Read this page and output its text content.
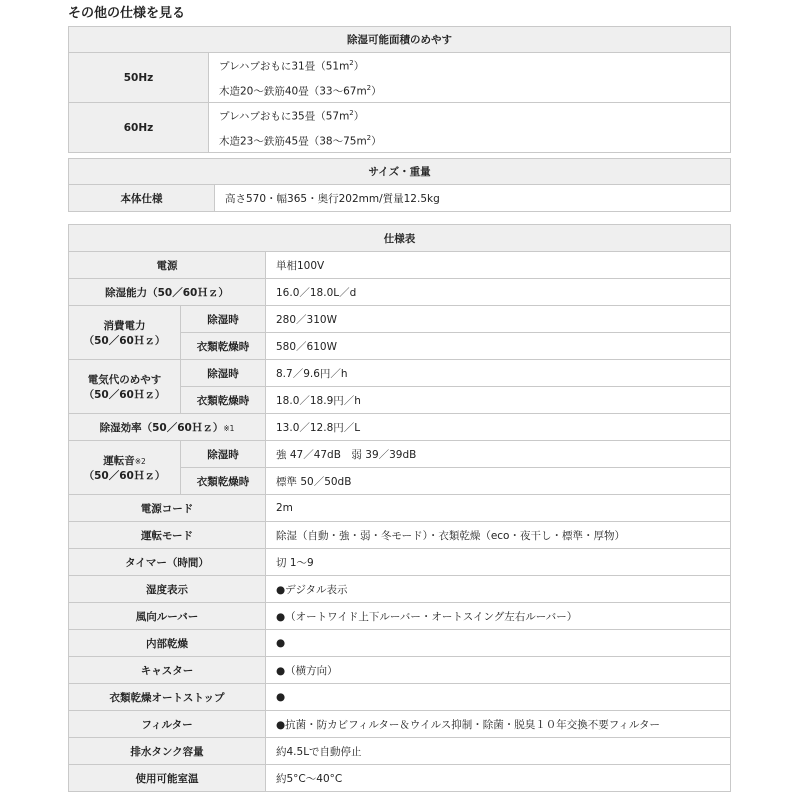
その他の仕様を見る
除湿可能面積のめやす	
50Hz	プレハブおもに31畳$(51m^2)$
木造20～鉄筋40畳$(33\sim 67m^2)$

60Hz	プレハブおもに35畳$(57m^2)$
木造23～鉄筋45畳$(38\sim 75m^2)$
サイズ・重量
本体仕様	高さ570・幅365・奥行202mm/質量12.5kg
仕様表		
電源		単相100V
除湿能力（50／60Ｈｚ）		16.0／18.0L／d
消費電力
（50／60Ｈｚ）	除湿時	280／310W
	衣類乾燥時	580／610W
電気代のめやす
（50／60Ｈｚ）	除湿時	8.7／9.6円／h
	衣類乾燥時	18.0／18.9円／h
除湿効率（50／60Ｈｚ）※1		13.0／12.8円／L
運転音※2
（50／60Ｈｚ）	除湿時	強 47／47dB　弱 39／39dB
	衣類乾燥時	標準 50／50dB
電源コード		2m
運転モード		除湿（自動・強・弱・冬モード）・衣類乾燥（eco・夜干し・標準・厚物）
タイマー（時間）		切 1～9
湿度表示		●デジタル表示
風向ルーバー		●（オートワイド上下ルーバー・オートスイング左右ルーバー）
内部乾燥		●
キャスター		●（横方向）
衣類乾燥オートストップ		●
フィルター		●抗菌・防カビフィルター＆ウイルス抑制・除菌・脱臭１０年交換不要フィルター
排水タンク容量		約4.5Lで自動停止
使用可能室温		約5°C～40°C
